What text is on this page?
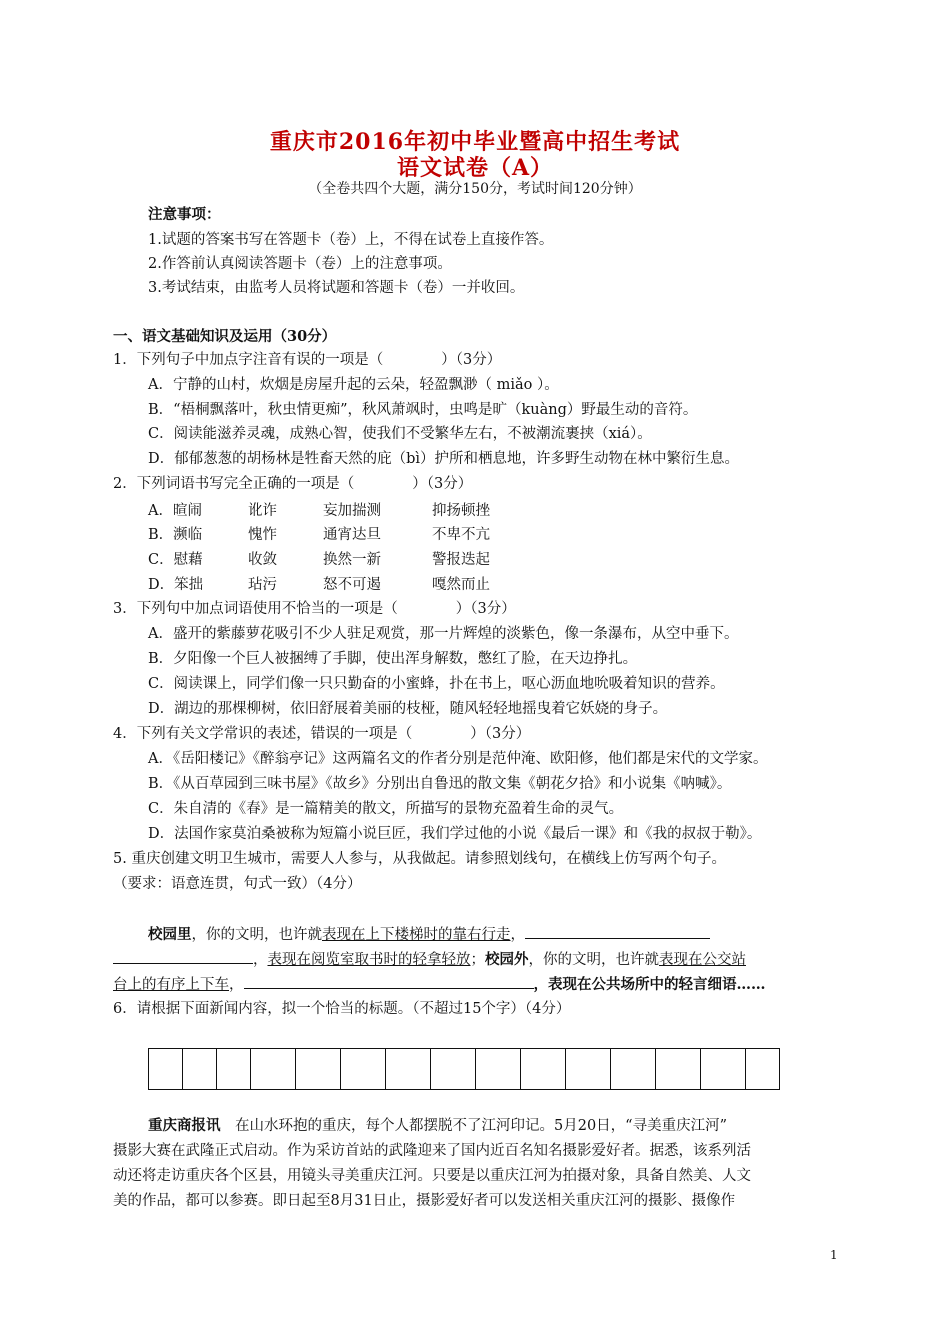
重庆市2016年初中毕业暨高中招生考试
语文试卷（A）
（全卷共四个大题，满分150分，考试时间120分钟）
注意事项：
1.试题的答案书写在答题卡（卷）上，不得在试卷上直接作答。
2.作答前认真阅读答题卡（卷）上的注意事项。
3.考试结束，由监考人员将试题和答题卡（卷）一并收回。
一、语文基础知识及运用（30分）
1．下列句子中加点字注音有误的一项是（　　　　）（3分）
A．宁静的山村，炊烟是房屋升起的云朵，轻盈飘渺（ miǎo ）。
B．“梧桐飘落叶，秋虫情更痴”，秋风萧飒时，虫鸣是旷（kuàng）野最生动的音符。
C．阅读能滋养灵魂，成熟心智，使我们不受繁华左右，不被潮流裹挟（xiá）。
D．郁郁葱葱的胡杨林是牲畜天然的庇（bì）护所和栖息地，许多野生动物在林中繁衍生息。
2．下列词语书写完全正确的一项是（　　　　）（3分）
A．暄闹	讹诈	妄加揣测	抑扬顿挫
B．濒临	愧怍	通宵达旦	不卑不亢
C．慰藉	收敛	换然一新	警报迭起
D．笨拙	玷污	怒不可遏	嘎然而止
3．下列句中加点词语使用不恰当的一项是（　　　　）（3分）
A．盛开的紫藤萝花吸引不少人驻足观赏，那一片辉煌的淡紫色，像一条瀑布，从空中垂下。
B．夕阳像一个巨人被捆缚了手脚，使出浑身解数，憋红了脸，在天边挣扎。
C．阅读课上，同学们像一只只勤奋的小蜜蜂，扑在书上，呕心沥血地吮吸着知识的营养。
D．湖边的那棵柳树，依旧舒展着美丽的枝桠，随风轻轻地摇曳着它妖娆的身子。
4．下列有关文学常识的表述，错误的一项是（　　　　）（3分）
A．《岳阳楼记》《醉翁亭记》这两篇名文的作者分别是范仲淹、欧阳修，他们都是宋代的文学家。
B．《从百草园到三味书屋》《故乡》分别出自鲁迅的散文集《朝花夕拾》和小说集《呐喊》。
C．朱自清的《春》是一篇精美的散文，所描写的景物充盈着生命的灵气。
D．法国作家莫泊桑被称为短篇小说巨匠，我们学过他的小说《最后一课》和《我的叔叔于勒》。
5. 重庆创建文明卫生城市，需要人人参与，从我做起。请参照划线句，在横线上仿写两个句子。
（要求：语意连贯，句式一致）（4分）
校园里，你的文明，也许就表现在上下楼梯时的靠右行走，
，表现在阅览室取书时的轻拿轻放；校园外，你的文明，也许就表现在公交站
台上的有序上下车，	，表现在公共场所中的轻言细语……
6．请根据下面新闻内容，拟一个恰当的标题。（不超过15个字）（4分）
重庆商报讯　在山水环抱的重庆，每个人都摆脱不了江河印记。5月20日，“寻美重庆江河”
摄影大赛在武隆正式启动。作为采访首站的武隆迎来了国内近百名知名摄影爱好者。据悉，该系列活
动还将走访重庆各个区县，用镜头寻美重庆江河。只要是以重庆江河为拍摄对象，具备自然美、人文
美的作品，都可以参赛。即日起至8月31日止，摄影爱好者可以发送相关重庆江河的摄影、摄像作
1
